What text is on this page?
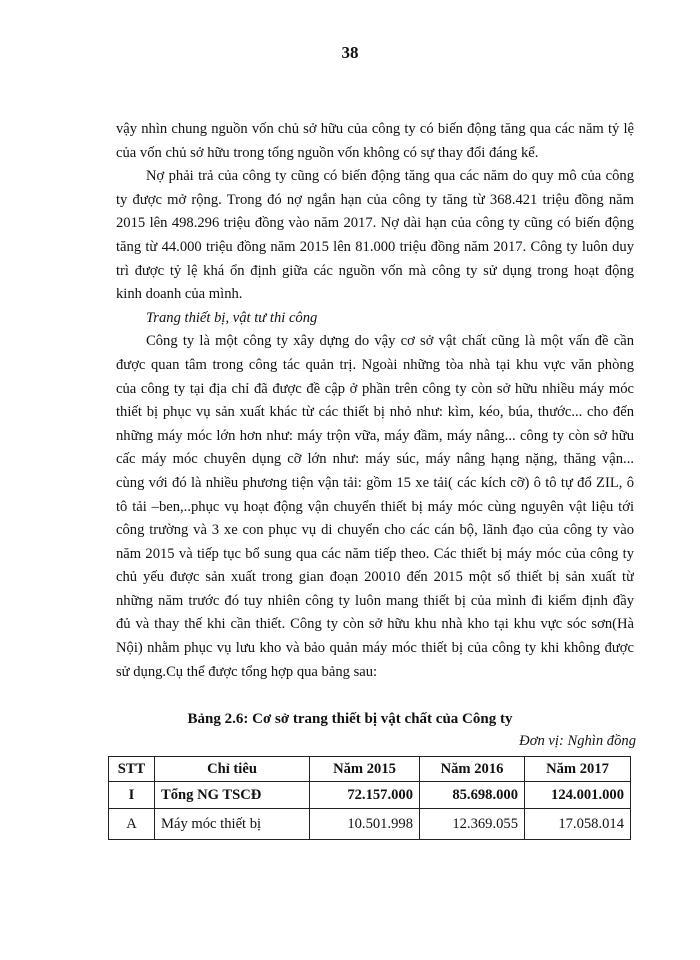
38
vậy nhìn chung nguồn vốn chủ sở hữu của công ty có biến động tăng qua các năm tỷ lệ
của vốn chủ sở hữu trong tổng nguồn vốn không có sự thay đổi đáng kể.
Nợ phải trả của công ty cũng có biến động tăng qua các năm do quy mô của công
ty được mở rộng. Trong đó nợ ngắn hạn của công ty tăng từ 368.421 triệu đồng năm
2015 lên 498.296 triệu đồng vào năm 2017. Nợ dài hạn của công ty cũng có biến động
tăng từ 44.000 triệu đồng năm 2015 lên 81.000 triệu đồng năm 2017. Công ty luôn duy
trì được tỷ lệ khá ổn định giữa các nguồn vốn mà công ty sử dụng trong hoạt động
kinh doanh của mình.
Trang thiết bị, vật tư thi công
Công ty là một công ty xây dựng do vậy cơ sở vật chất cũng là một vấn đề cần
được quan tâm trong công tác quản trị. Ngoài những tòa nhà tại khu vực văn phòng
của công ty tại địa chỉ đã được đề cập ở phần trên công ty còn sở hữu nhiều máy móc
thiết bị phục vụ sản xuất khác từ các thiết bị nhỏ như: kìm, kéo, búa, thước... cho đến
những máy móc lớn hơn như: máy trộn vữa, máy đầm, máy nâng... công ty còn sở hữu
cấc máy móc chuyên dụng cỡ lớn như: máy súc, máy nâng hạng nặng, thăng vận...
cùng với đó là nhiều phương tiện vận tải: gồm 15 xe tải( các kích cỡ) ô tô tự đổ ZIL, ô
tô tải –ben,..phục vụ hoạt động vận chuyển thiết bị máy móc cùng nguyên vật liệu tới
công trường và 3 xe con phục vụ di chuyển cho các cán bộ, lãnh đạo của công ty vào
năm 2015 và tiếp tục bổ sung qua các năm tiếp theo. Các thiết bị máy móc của công ty
chủ yếu được sản xuất trong gian đoạn 20010 đến 2015 một số thiết bị sản xuất từ
những năm trước đó tuy nhiên công ty luôn mang thiết bị của mình đi kiểm định đầy
đủ và thay thế khi cần thiết. Công ty còn sở hữu khu nhà kho tại khu vực sóc sơn(Hà
Nội) nhằm phục vụ lưu kho và bảo quản máy móc thiết bị của công ty khi không được
sử dụng.Cụ thể được tổng hợp qua bảng sau:
Bảng 2.6: Cơ sở trang thiết bị vật chất của Công ty
Đơn vị: Nghìn đồng
STT	Chỉ tiêu	Năm 2015	Năm 2016	Năm 2017
I	Tổng NG TSCĐ	72.157.000	85.698.000	124.001.000
A	Máy móc thiết bị	10.501.998	12.369.055	17.058.014
